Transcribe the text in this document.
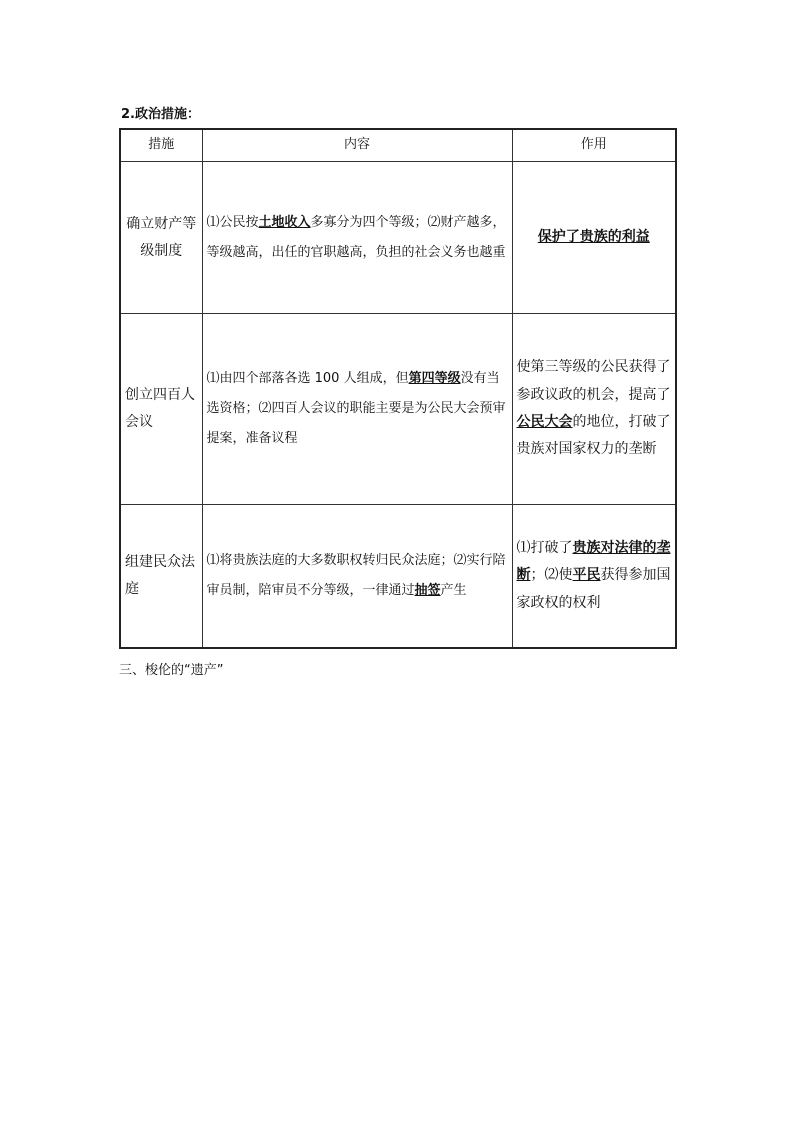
2.政治措施：
措施	内容	作用
确立财产等级制度	⑴公民按土地收入多寡分为四个等级；⑵财产越多，等级越高，出任的官职越高，负担的社会义务也越重	保护了贵族的利益
创立四百人会议	⑴由四个部落各选 100 人组成，但第四等级没有当选资格；⑵四百人会议的职能主要是为公民大会预审提案，准备议程	使第三等级的公民获得了参政议政的机会，提高了公民大会的地位，打破了贵族对国家权力的垄断
组建民众法庭	⑴将贵族法庭的大多数职权转归民众法庭；⑵实行陪审员制，陪审员不分等级，一律通过抽签产生	⑴打破了贵族对法律的垄断；⑵使平民获得参加国家政权的权利
三、梭伦的“遗产”
